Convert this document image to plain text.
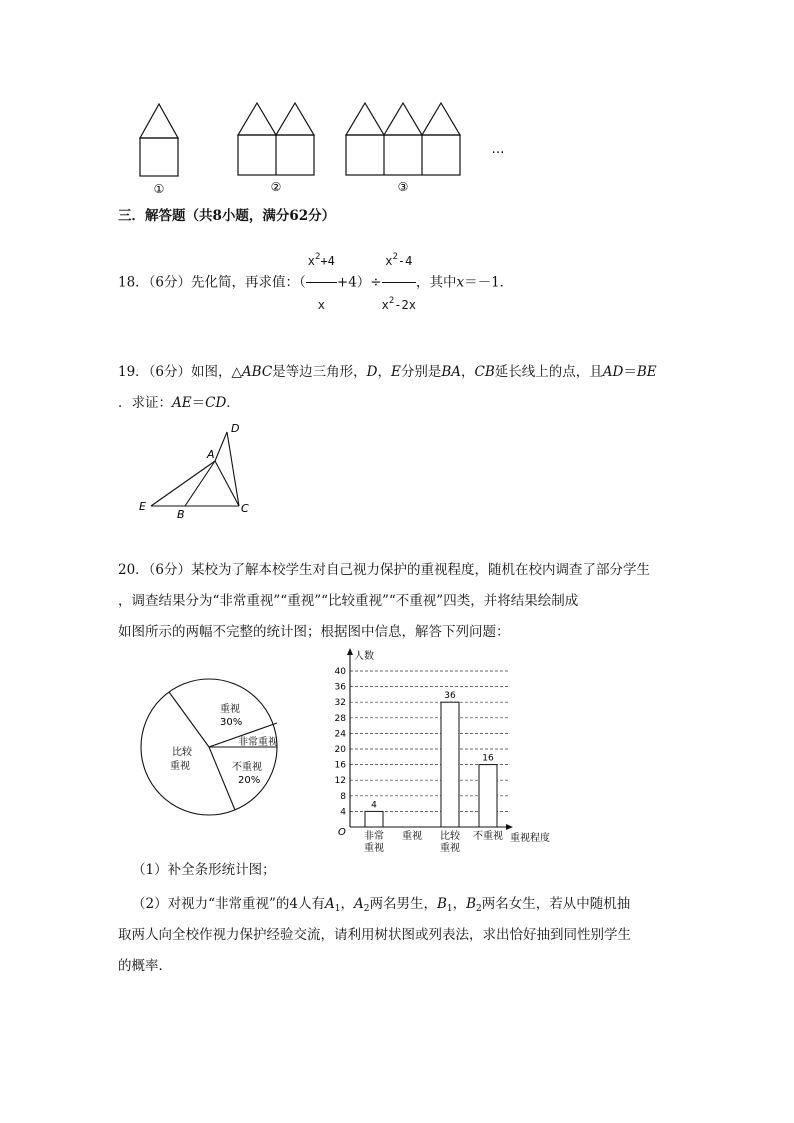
①	②	③
…
三．解答题（共8小题，满分62分）
18．（6分）先化简，再求值：（ $\frac{x^2+4}{x} +4)\div \frac{x^2-4}{x^2-2x}$ ，其中x＝－1．
19．（6分）如图，△ABC是等边三角形，D，E分别是BA，CB延长线上的点，且AD＝BE
．求证：AE＝CD．
D
A
E
B	C
20．（6分）某校为了解本校学生对自己视力保护的重视程度，随机在校内调查了部分学生
，调查结果分为“非常重视”“重视”“比较重视”“不重视”四类，并将结果绘制成
如图所示的两幅不完整的统计图；根据图中信息，解答下列问题：
重视
30%
非常重视
不重视
20%
比较
重视
4
8
12
16
20
24
28
32
36
40
4
36
16
人数
重视程度
O 非常
重视
重视 比较
重视
不重视
（1）补全条形统计图；
（2）对视力“非常重视”的4人有$A_1$，$A_2$两名男生，$B_1$，$B_2$两名女生，若从中随机抽
取两人向全校作视力保护经验交流，请利用树状图或列表法，求出恰好抽到同性别学生
的概率．
